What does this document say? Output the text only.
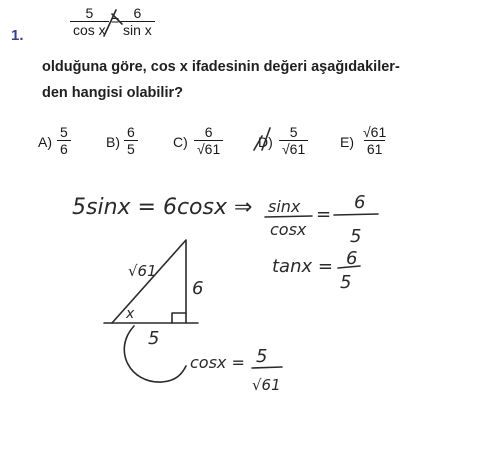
1.	$\frac{5}{\text{cos x}} = \frac{6}{\text{sin x}}$
olduğuna göre, cos x ifadesinin değeri aşağıdakiler-
den hangisi olabilir?
$A) \frac{5}{6}$	$B) \frac{6}{5}$	$C) \frac{6}{√61} D) \frac{5}{√61} E) \frac{√61}{61}$
5sinx = 6cosx ⇒ sinx
cosx
=
6
5
tanx = 6
5
√61
6
x
5
cosx = 5
√61
